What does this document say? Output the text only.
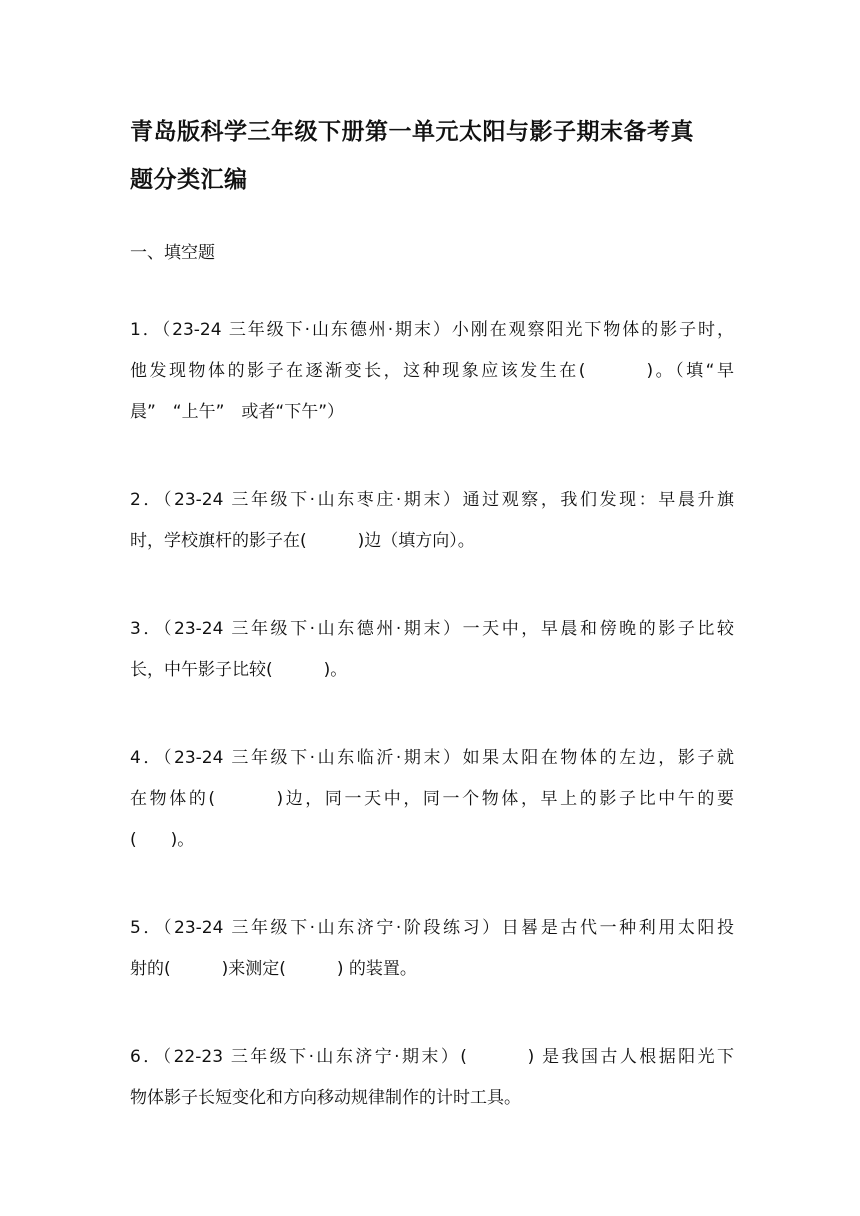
青岛版科学三年级下册第一单元太阳与影子期末备考真
题分类汇编
一、填空题
1．（23-24 三年级下·山东德州·期末）小刚在观察阳光下物体的影子时，
他发现物体的影子在逐渐变长，这种现象应该发生在(　　　)。（填“早
晨”　“上午”　或者“下午”）
2．（23-24 三年级下·山东枣庄·期末）通过观察，我们发现：早晨升旗
时，学校旗杆的影子在(　　　)边（填方向）。
3．（23-24 三年级下·山东德州·期末）一天中，早晨和傍晚的影子比较
长，中午影子比较(　　　)。
4．（23-24 三年级下·山东临沂·期末）如果太阳在物体的左边，影子就
在物体的(　　　)边，同一天中，同一个物体，早上的影子比中午的要
(　　)。
5．（23-24 三年级下·山东济宁·阶段练习）日晷是古代一种利用太阳投
射的(　　　)来测定(　　　) 的装置。
6．（22-23 三年级下·山东济宁·期末）(　　　) 是我国古人根据阳光下
物体影子长短变化和方向移动规律制作的计时工具。
